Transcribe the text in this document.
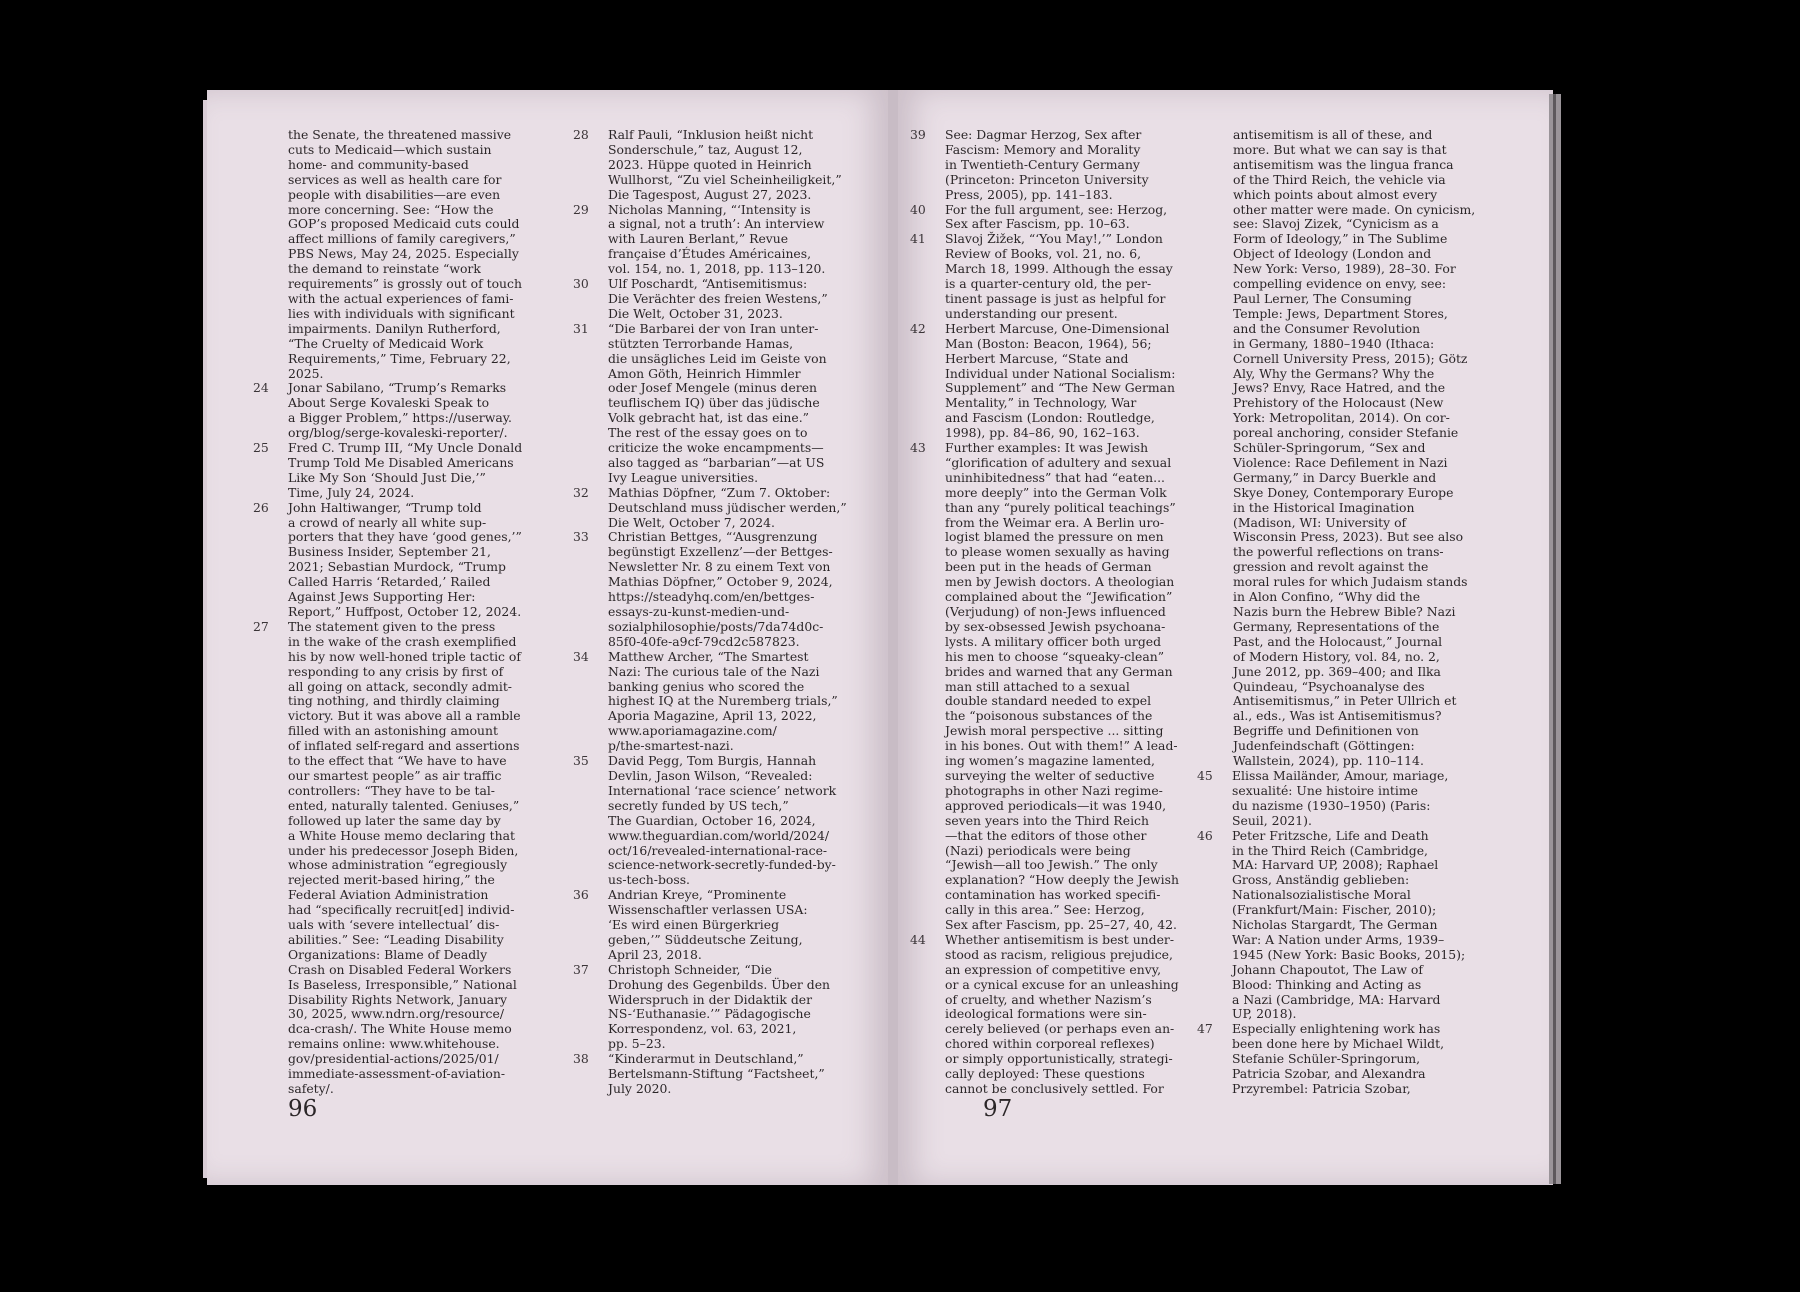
the Senate, the threatened massive
cuts to Medicaid—which sustain
home- and community-based
services as well as health care for
people with disabilities—are even
more concerning. See: “How the
GOP’s proposed Medicaid cuts could
affect millions of family caregivers,”
PBS News, May 24, 2025. Especially
the demand to reinstate “work
requirements” is grossly out of touch
with the actual experiences of fami-
lies with individuals with significant
impairments. Danilyn Rutherford,
“The Cruelty of Medicaid Work
Requirements,” Time, February 22,
2025.

24	Jonar Sabilano, “Trump’s Remarks
About Serge Kovaleski Speak to
a Bigger Problem,” https://userway.
org/blog/serge-kovaleski-reporter/.
25	Fred C. Trump III, “My Uncle Donald
Trump Told Me Disabled Americans
Like My Son ‘Should Just Die,’”
Time, July 24, 2024.
26	John Haltiwanger, “Trump told
a crowd of nearly all white sup-
porters that they have ‘good genes,’”
Business Insider, September 21,
2021; Sebastian Murdock, “Trump
Called Harris ‘Retarded,’ Railed
Against Jews Supporting Her:
Report,” Huffpost, October 12, 2024.
27	The statement given to the press
in the wake of the crash exemplified
his by now well-honed triple tactic of
responding to any crisis by first of
all going on attack, secondly admit-
ting nothing, and thirdly claiming
victory. But it was above all a ramble
filled with an astonishing amount
of inflated self-regard and assertions
to the effect that “We have to have
our smartest people” as air traffic
controllers: “They have to be tal-
ented, naturally talented. Geniuses,”
followed up later the same day by
a White House memo declaring that
under his predecessor Joseph Biden,
whose administration “egregiously
rejected merit-based hiring,” the
Federal Aviation Administration
had “specifically recruit[ed] individ-
uals with ‘severe intellectual’ dis-
abilities.” See: “Leading Disability
Organizations: Blame of Deadly
Crash on Disabled Federal Workers
Is Baseless, Irresponsible,” National
Disability Rights Network, January
30, 2025, www.ndrn.org/resource/
dca-crash/. The White House memo
remains online: www.whitehouse.
gov/presidential-actions/2025/01/
immediate-assessment-of-aviation-
safety/.
28	Ralf Pauli, “Inklusion heißt nicht
Sonderschule,” taz, August 12,
2023. Hüppe quoted in Heinrich
Wullhorst, “Zu viel Scheinheiligkeit,”
Die Tagespost, August 27, 2023.
29	Nicholas Manning, “‘Intensity is
a signal, not a truth’: An interview
with Lauren Berlant,” Revue
française d’Études Américaines,
vol. 154, no. 1, 2018, pp. 113–120.
30	Ulf Poschardt, “Antisemitismus:
Die Verächter des freien Westens,”
Die Welt, October 31, 2023.
31	“Die Barbarei der von Iran unter-
stützten Terrorbande Hamas,
die unsägliches Leid im Geiste von
Amon Göth, Heinrich Himmler
oder Josef Mengele (minus deren
teuflischem IQ) über das jüdische
Volk gebracht hat, ist das eine.”
The rest of the essay goes on to
criticize the woke encampments—
also tagged as “barbarian”—at US
Ivy League universities.
32	Mathias Döpfner, “Zum 7. Oktober:
Deutschland muss jüdischer werden,”
Die Welt, October 7, 2024.
33	Christian Bettges, “‘Ausgrenzung
begünstigt Exzellenz’—der Bettges-
Newsletter Nr. 8 zu einem Text von
Mathias Döpfner,” October 9, 2024,
https://steadyhq.com/en/bettges-
essays-zu-kunst-medien-und-
sozialphilosophie/posts/7da74d0c-
85f0-40fe-a9cf-79cd2c587823.
34	Matthew Archer, “The Smartest
Nazi: The curious tale of the Nazi
banking genius who scored the
highest IQ at the Nuremberg trials,”
Aporia Magazine, April 13, 2022,
www.aporiamagazine.com/
p/the-smartest-nazi.
35	David Pegg, Tom Burgis, Hannah
Devlin, Jason Wilson, “Revealed:
International ‘race science’ network
secretly funded by US tech,”
The Guardian, October 16, 2024,
www.theguardian.com/world/2024/
oct/16/revealed-international-race-
science-network-secretly-funded-by-
us-tech-boss.
36	Andrian Kreye, “Prominente
Wissenschaftler verlassen USA:
‘Es wird einen Bürgerkrieg
geben,’” Süddeutsche Zeitung,
April 23, 2018.
37	Christoph Schneider, “Die
Drohung des Gegenbilds. Über den
Widerspruch in der Didaktik der
NS-‘Euthanasie.’” Pädagogische
Korrespondenz, vol. 63, 2021,
pp. 5–23.
38	“Kinderarmut in Deutschland,”
Bertelsmann-Stiftung “Factsheet,”
July 2020.
39	See: Dagmar Herzog, Sex after
Fascism: Memory and Morality
in Twentieth-Century Germany
(Princeton: Princeton University
Press, 2005), pp. 141–183.
40	For the full argument, see: Herzog,
Sex after Fascism, pp. 10–63.
41	Slavoj Žižek, “‘You May!,’” London
Review of Books, vol. 21, no. 6,
March 18, 1999. Although the essay
is a quarter-century old, the per-
tinent passage is just as helpful for
understanding our present.
42	Herbert Marcuse, One-Dimensional
Man (Boston: Beacon, 1964), 56;
Herbert Marcuse, “State and
Individual under National Socialism:
Supplement” and “The New German
Mentality,” in Technology, War
and Fascism (London: Routledge,
1998), pp. 84–86, 90, 162–163.
43	Further examples: It was Jewish
“glorification of adultery and sexual
uninhibitedness” that had “eaten...
more deeply” into the German Volk
than any “purely political teachings”
from the Weimar era. A Berlin uro-
logist blamed the pressure on men
to please women sexually as having
been put in the heads of German
men by Jewish doctors. A theologian
complained about the “Jewification”
(Verjudung) of non-Jews influenced
by sex-obsessed Jewish psychoana-
lysts. A military officer both urged
his men to choose “squeaky-clean”
brides and warned that any German
man still attached to a sexual
double standard needed to expel
the “poisonous substances of the
Jewish moral perspective ... sitting
in his bones. Out with them!” A lead-
ing women’s magazine lamented,
surveying the welter of seductive
photographs in other Nazi regime-
approved periodicals—it was 1940,
seven years into the Third Reich
—that the editors of those other
(Nazi) periodicals were being
“Jewish—all too Jewish.” The only
explanation? “How deeply the Jewish
contamination has worked specifi-
cally in this area.” See: Herzog,
Sex after Fascism, pp. 25–27, 40, 42.
44	Whether antisemitism is best under-
stood as racism, religious prejudice,
an expression of competitive envy,
or a cynical excuse for an unleashing
of cruelty, and whether Nazism’s
ideological formations were sin-
cerely believed (or perhaps even an-
chored within corporeal reflexes)
or simply opportunistically, strategi-
cally deployed: These questions
cannot be conclusively settled. For

antisemitism is all of these, and
more. But what we can say is that
antisemitism was the lingua franca
of the Third Reich, the vehicle via
which points about almost every
other matter were made. On cynicism,
see: Slavoj Zizek, “Cynicism as a
Form of Ideology,” in The Sublime
Object of Ideology (London and
New York: Verso, 1989), 28–30. For
compelling evidence on envy, see:
Paul Lerner, The Consuming
Temple: Jews, Department Stores,
and the Consumer Revolution
in Germany, 1880–1940 (Ithaca:
Cornell University Press, 2015); Götz
Aly, Why the Germans? Why the
Jews? Envy, Race Hatred, and the
Prehistory of the Holocaust (New
York: Metropolitan, 2014). On cor-
poreal anchoring, consider Stefanie
Schüler-Springorum, “Sex and
Violence: Race Defilement in Nazi
Germany,” in Darcy Buerkle and
Skye Doney, Contemporary Europe
in the Historical Imagination
(Madison, WI: University of
Wisconsin Press, 2023). But see also
the powerful reflections on trans-
gression and revolt against the
moral rules for which Judaism stands
in Alon Confino, “Why did the
Nazis burn the Hebrew Bible? Nazi
Germany, Representations of the
Past, and the Holocaust,” Journal
of Modern History, vol. 84, no. 2,
June 2012, pp. 369–400; and Ilka
Quindeau, “Psychoanalyse des
Antisemitismus,” in Peter Ullrich et
al., eds., Was ist Antisemitismus?
Begriffe und Definitionen von
Judenfeindschaft (Göttingen:
Wallstein, 2024), pp. 110–114.

45	Elissa Mailänder, Amour, mariage,
sexualité: Une histoire intime
du nazisme (1930–1950) (Paris:
Seuil, 2021).
46	Peter Fritzsche, Life and Death
in the Third Reich (Cambridge,
MA: Harvard UP, 2008); Raphael
Gross, Anständig geblieben:
Nationalsozialistische Moral
(Frankfurt/Main: Fischer, 2010);
Nicholas Stargardt, The German
War: A Nation under Arms, 1939–
1945 (New York: Basic Books, 2015);
Johann Chapoutot, The Law of
Blood: Thinking and Acting as
a Nazi (Cambridge, MA: Harvard
UP, 2018).
47	Especially enlightening work has
been done here by Michael Wildt,
Stefanie Schüler-Springorum,
Patricia Szobar, and Alexandra
Przyrembel: Patricia Szobar,
96	97
